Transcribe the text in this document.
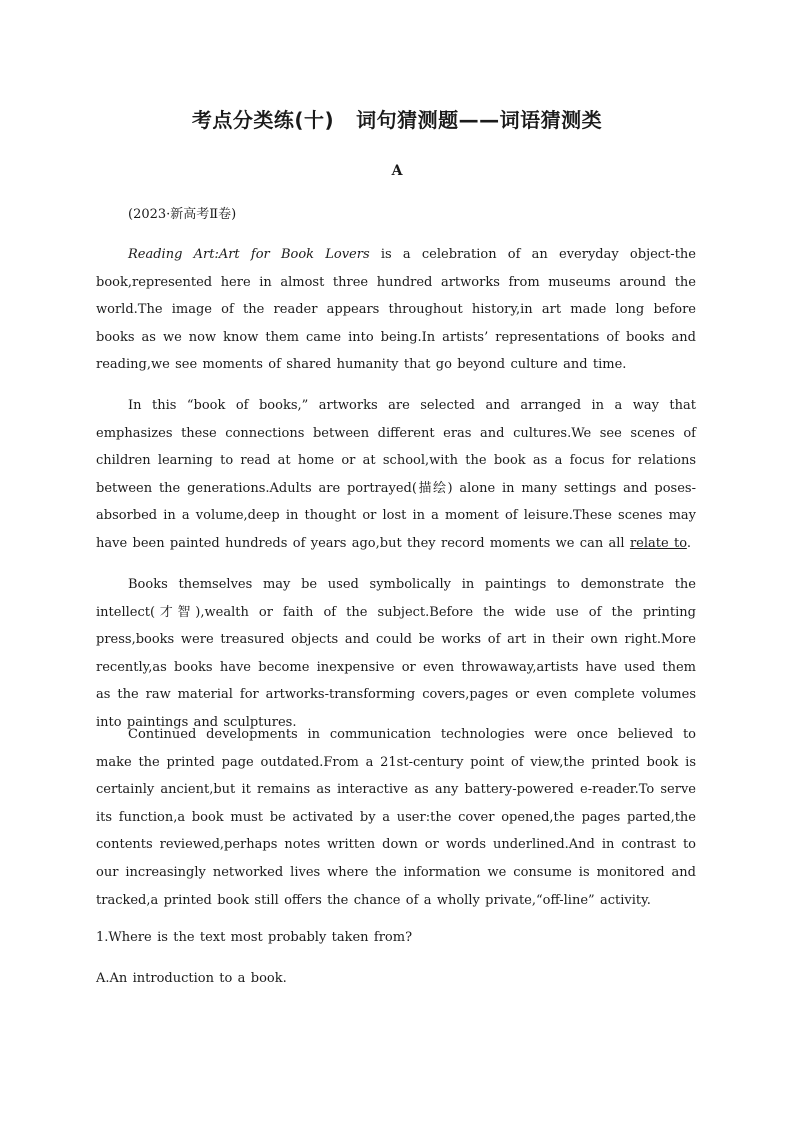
考点分类练(十) 词句猜测题——词语猜测类

A

(2023·新高考Ⅱ卷)

Reading Art:Art for Book Lovers is a celebration of an everyday object-the book,represented here in almost three hundred artworks from museums around the world.The image of the reader appears throughout history,in art made long before books as we now know them came into being.In artists’ representations of books and reading,we see moments of shared humanity that go beyond culture and time.

In this “book of books,” artworks are selected and arranged in a way that emphasizes these connections between different eras and cultures.We see scenes of children learning to read at home or at school,with the book as a focus for relations between the generations.Adults are portrayed(描绘) alone in many settings and poses-absorbed in a volume,deep in thought or lost in a moment of leisure.These scenes may have been painted hundreds of years ago,but they record moments we can all relate to.

Books themselves may be used symbolically in paintings to demonstrate the intellect(才智),wealth or faith of the subject.Before the wide use of the printing press,books were treasured objects and could be works of art in their own right.More recently,as books have become inexpensive or even throwaway,artists have used them as the raw material for artworks-transforming covers,pages or even complete volumes into paintings and sculptures.

Continued developments in communication technologies were once believed to make the printed page outdated.From a 21st-century point of view,the printed book is certainly ancient,but it remains as interactive as any battery-powered e-reader.To serve its function,a book must be activated by a user:the cover opened,the pages parted,the contents reviewed,perhaps notes written down or words underlined.And in contrast to our increasingly networked lives where the information we consume is monitored and tracked,a printed book still offers the chance of a wholly private,“off-line” activity.

1.Where is the text most probably taken from?

A.An introduction to a book.
